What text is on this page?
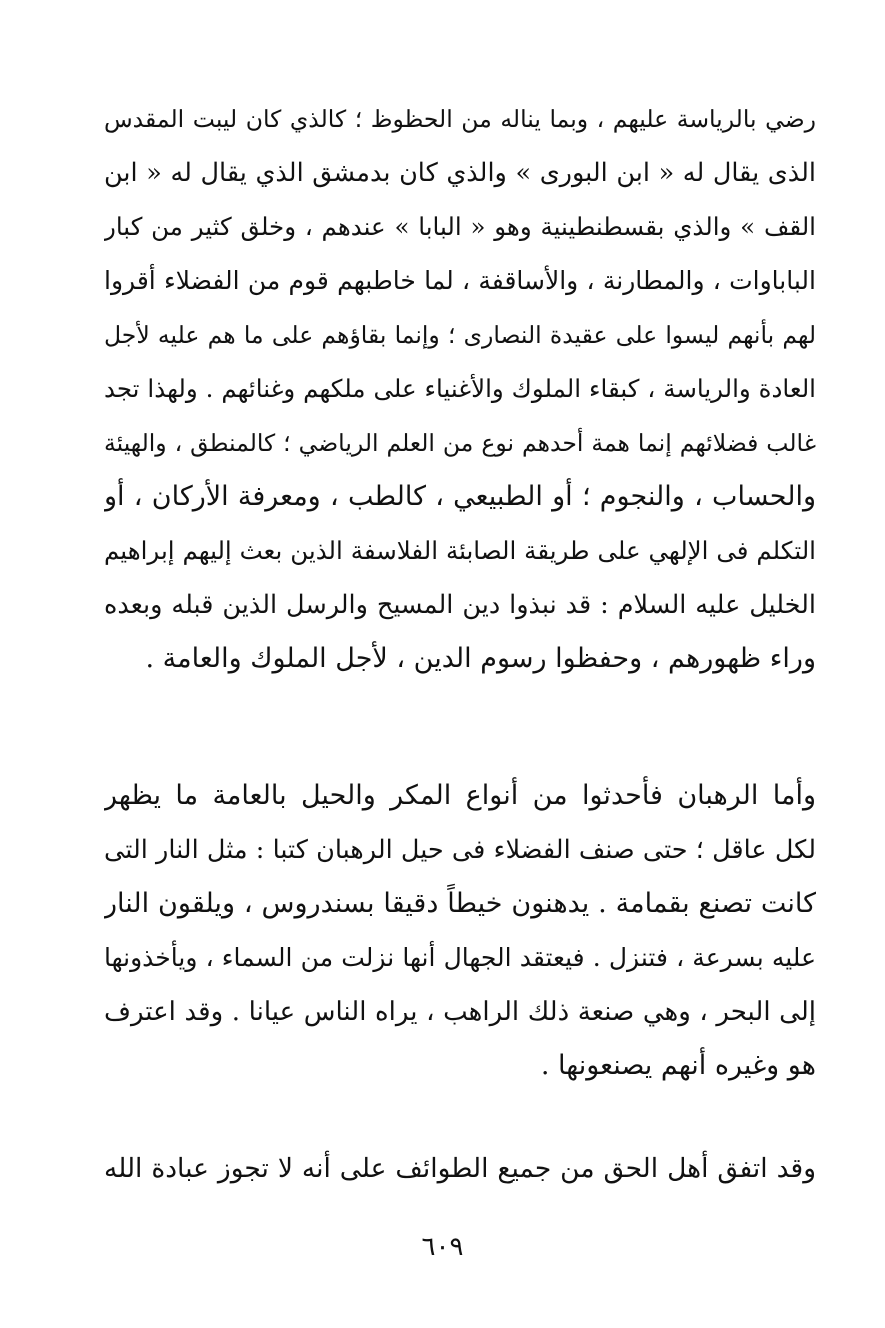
رضي بالرياسة عليهم ، وبما يناله من الحظوظ ؛ كالذي كان ليبت المقدس
الذى يقال له « ابن البورى » والذي كان بدمشق الذي يقال له « ابن
القف » والذي بقسطنطينية وهو « البابا » عندهم ، وخلق كثير من كبار
الباباوات ، والمطارنة ، والأساقفة ، لما خاطبهم قوم من الفضلاء أقروا
لهم بأنهم ليسوا على عقيدة النصارى ؛ وإنما بقاؤهم على ما هم عليه لأجل
العادة والرياسة ، كبقاء الملوك والأغنياء على ملكهم وغنائهم . ولهذا تجد
غالب فضلائهم إنما همة أحدهم نوع من العلم الرياضي ؛ كالمنطق ، والهيئة
والحساب ، والنجوم ؛ أو الطبيعي ، كالطب ، ومعرفة الأركان ، أو
التكلم فى الإلهي على طريقة الصابئة الفلاسفة الذين بعث إليهم إبراهيم
الخليل عليه السلام : قد نبذوا دين المسيح والرسل الذين قبله وبعده
وراء ظهورهم ، وحفظوا رسوم الدين ، لأجل الملوك والعامة .
وأما الرهبان فأحدثوا من أنواع المكر والحيل بالعامة ما يظهر
لكل عاقل ؛ حتى صنف الفضلاء فى حيل الرهبان كتبا : مثل النار التى
كانت تصنع بقمامة . يدهنون خيطاً دقيقا بسندروس ، ويلقون النار
عليه بسرعة ، فتنزل . فيعتقد الجهال أنها نزلت من السماء ، ويأخذونها
إلى البحر ، وهي صنعة ذلك الراهب ، يراه الناس عيانا . وقد اعترف
هو وغيره أنهم يصنعونها .
وقد اتفق أهل الحق من جميع الطوائف على أنه لا تجوز عبادة الله
٦٠٩
